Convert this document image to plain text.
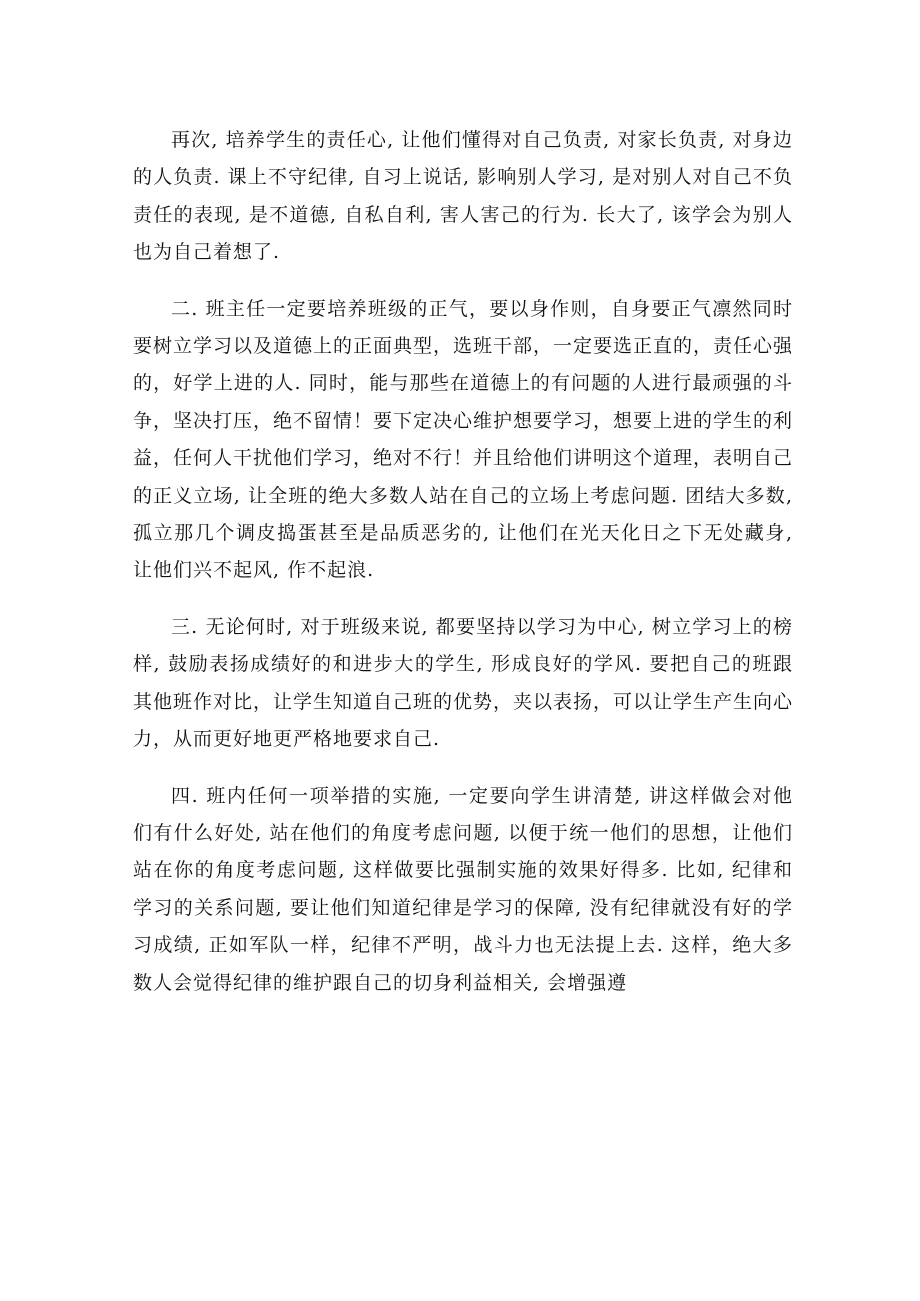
再次, 培养学生的责任心, 让他们懂得对自己负责, 对家长负责, 对身边的人负责. 课上不守纪律, 自习上说话, 影响别人学习, 是对别人对自己不负责任的表现, 是不道德, 自私自利, 害人害己的行为. 长大了, 该学会为别人也为自己着想了.

二. 班主任一定要培养班级的正气，要以身作则，自身要正气凛然同时要树立学习以及道德上的正面典型，选班干部，一定要选正直的，责任心强的，好学上进的人. 同时，能与那些在道德上的有问题的人进行最顽强的斗争，坚决打压，绝不留情！要下定决心维护想要学习，想要上进的学生的利益，任何人干扰他们学习，绝对不行！并且给他们讲明这个道理，表明自己的正义立场, 让全班的绝大多数人站在自己的立场上考虑问题. 团结大多数, 孤立那几个调皮捣蛋甚至是品质恶劣的, 让他们在光天化日之下无处藏身, 让他们兴不起风, 作不起浪.

三. 无论何时, 对于班级来说, 都要坚持以学习为中心, 树立学习上的榜样, 鼓励表扬成绩好的和进步大的学生, 形成良好的学风. 要把自己的班跟其他班作对比，让学生知道自己班的优势，夹以表扬，可以让学生产生向心力，从而更好地更严格地要求自己.

四. 班内任何一项举措的实施, 一定要向学生讲清楚, 讲这样做会对他们有什么好处, 站在他们的角度考虑问题, 以便于统一他们的思想，让他们站在你的角度考虑问题, 这样做要比强制实施的效果好得多. 比如, 纪律和学习的关系问题, 要让他们知道纪律是学习的保障, 没有纪律就没有好的学习成绩, 正如军队一样，纪律不严明，战斗力也无法提上去. 这样，绝大多数人会觉得纪律的维护跟自己的切身利益相关, 会增强遵
